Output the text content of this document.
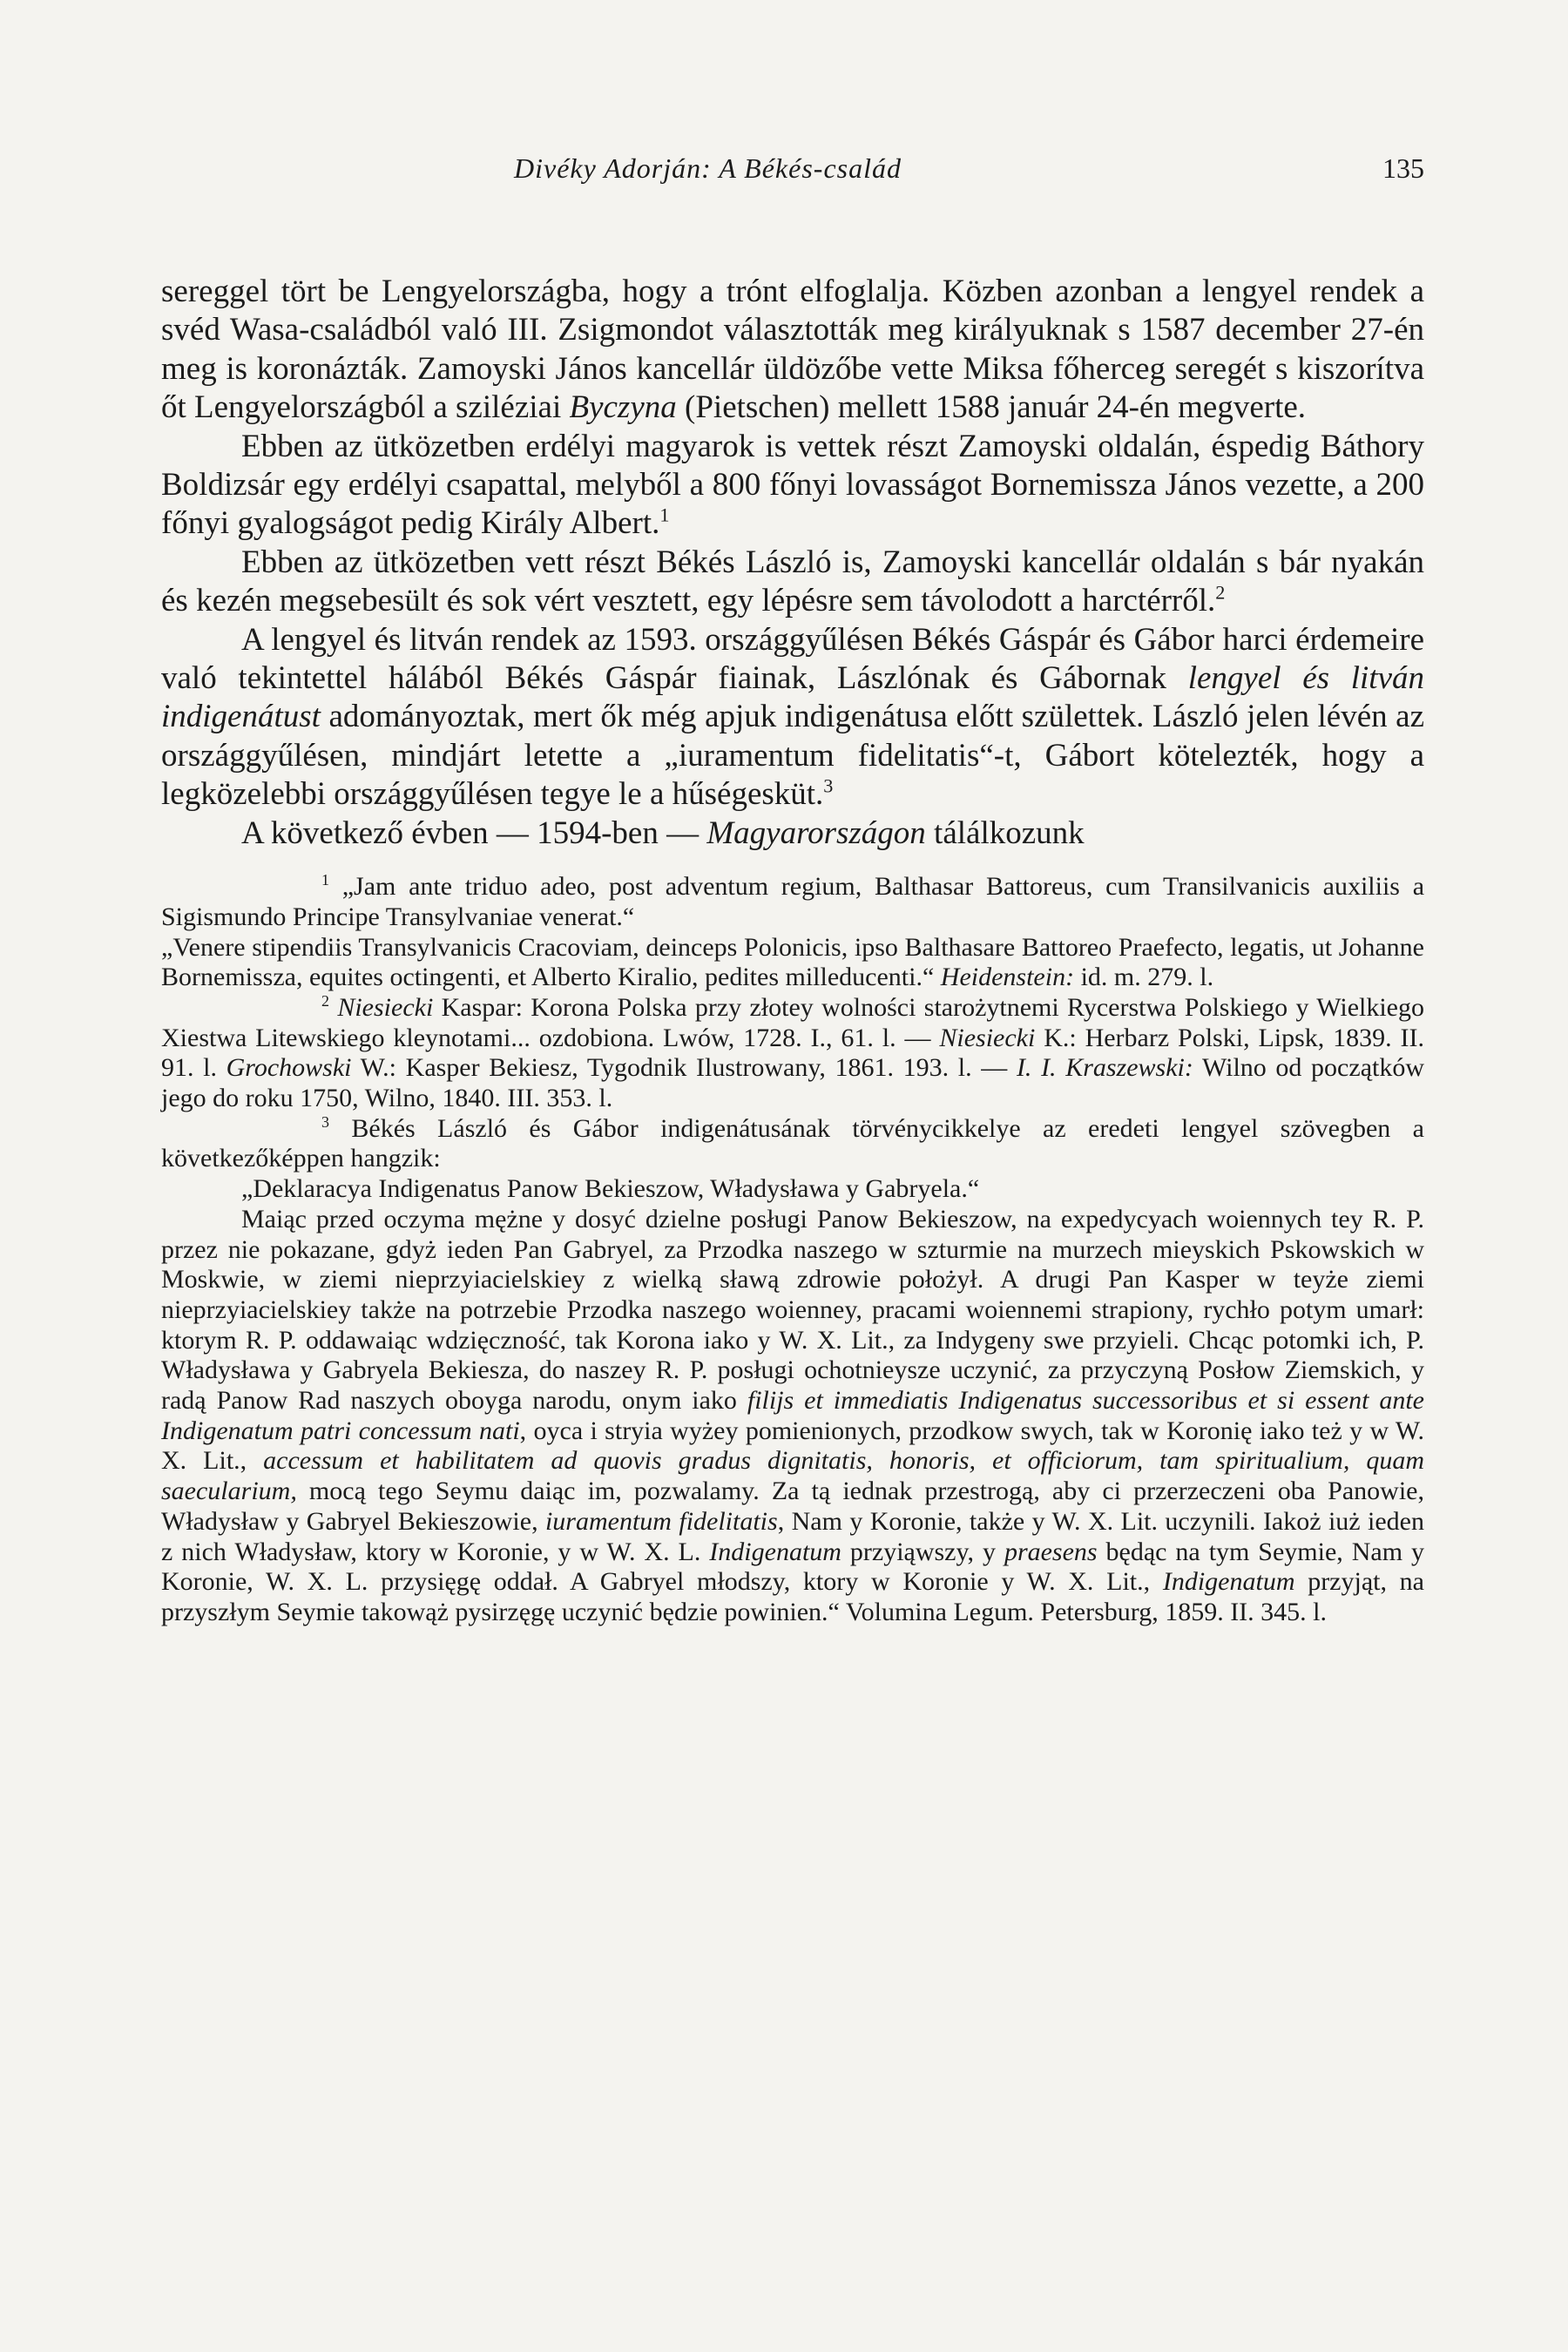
Divéky Adorján: A Békés-család	135

sereggel tört be Lengyelországba, hogy a trónt elfoglalja. Közben azonban a lengyel rendek a svéd Wasa-családból való III. Zsigmondot választották meg királyuknak s 1587 december 27-én meg is koronázták. Zamoyski János kancellár üldözőbe vette Miksa főherceg seregét s kiszorítva őt Lengyelországból a sziléziai Byczyna (Pietschen) mellett 1588 január 24-én megverte.

Ebben az ütközetben erdélyi magyarok is vettek részt Zamoyski oldalán, éspedig Báthory Boldizsár egy erdélyi csapattal, melyből a 800 főnyi lovasságot Bornemissza János vezette, a 200 főnyi gyalogságot pedig Király Albert.$^1$

Ebben az ütközetben vett részt Békés László is, Zamoyski kancellár oldalán s bár nyakán és kezén megsebesült és sok vért vesztett, egy lépésre sem távolodott a harctérről.$^2$

A lengyel és litván rendek az 1593. országgyűlésen Békés Gáspár és Gábor harci érdemeire való tekintettel hálából Békés Gáspár fiainak, Lászlónak és Gábornak lengyel és litván indigenátust adományoztak, mert ők még apjuk indigenátusa előtt születtek. László jelen lévén az országgyűlésen, mindjárt letette a „iuramentum fidelitatis“-t, Gábort kötelezték, hogy a legközelebbi országgyűlésen tegye le a hűségesküt.$^3$

A következő évben — 1594-ben — Magyarországon tálálkozunk

$^1$ „Jam ante triduo adeo, post adventum regium, Balthasar Battoreus, cum Transilvanicis auxiliis a Sigismundo Principe Transylvaniae venerat.“

„Venere stipendiis Transylvanicis Cracoviam, deinceps Polonicis, ipso Balthasare Battoreo Praefecto, legatis, ut Johanne Bornemissza, equites octingenti, et Alberto Kiralio, pedites milleducenti.“ Heidenstein: id. m. 279. l.

$^2$ Niesiecki Kaspar: Korona Polska przy złotey wolności starożytnemi Rycerstwa Polskiego y Wielkiego Xiestwa Litewskiego kleynotami... ozdobiona. Lwów, 1728. I., 61. l. — Niesiecki K.: Herbarz Polski, Lipsk, 1839. II. 91. l. Grochowski W.: Kasper Bekiesz, Tygodnik Ilustrowany, 1861. 193. l. — I. I. Kraszewski: Wilno od początków jego do roku 1750, Wilno, 1840. III. 353. l.

$^3$ Békés László és Gábor indigenátusának törvénycikkelye az eredeti lengyel szövegben a következőképpen hangzik:

„Deklaracya Indigenatus Panow Bekieszow, Władysława y Gabryela.“

Maiąc przed oczyma mężne y dosyć dzielne posługi Panow Bekieszow, na expedycyach woiennych tey R. P. przez nie pokazane, gdyż ieden Pan Gabryel, za Przodka naszego w szturmie na murzech mieyskich Pskowskich w Moskwie, w ziemi nieprzyiacielskiey z wielką sławą zdrowie położył. A drugi Pan Kasper w teyże ziemi nieprzyiacielskiey także na potrzebie Przodka naszego woienney, pracami woiennemi strapiony, rychło potym umarł: ktorym R. P. oddawaiąc wdzięczność, tak Korona iako y W. X. Lit., za Indygeny swe przyieli. Chcąc potomki ich, P. Władysława y Gabryela Bekiesza, do naszey R. P. posługi ochotnieysze uczynić, za przyczyną Posłow Ziemskich, y radą Panow Rad naszych oboyga narodu, onym iako filijs et immediatis Indigenatus successoribus et si essent ante Indigenatum patri concessum nati, oyca i stryia wyżey pomienionych, przodkow swych, tak w Koronię iako też y w W. X. Lit., accessum et habilitatem ad quovis gradus dignitatis, honoris, et officiorum, tam spiritualium, quam saecularium, mocą tego Seymu daiąc im, pozwalamy. Za tą iednak przestrogą, aby ci przerzeczeni oba Panowie, Władysław y Gabryel Bekieszowie, iuramentum fidelitatis, Nam y Koronie, także y W. X. Lit. uczynili. Iakoż iuż ieden z nich Władysław, ktory w Koronie, y w W. X. L. Indigenatum przyiąwszy, y praesens będąc na tym Seymie, Nam y Koronie, W. X. L. przysięgę oddał. A Gabryel młodszy, ktory w Koronie y W. X. Lit., Indigenatum przyjąt, na przyszłym Seymie takowąż pysirzęgę uczynić będzie powinien.“ Volumina Legum. Petersburg, 1859. II. 345. l.
